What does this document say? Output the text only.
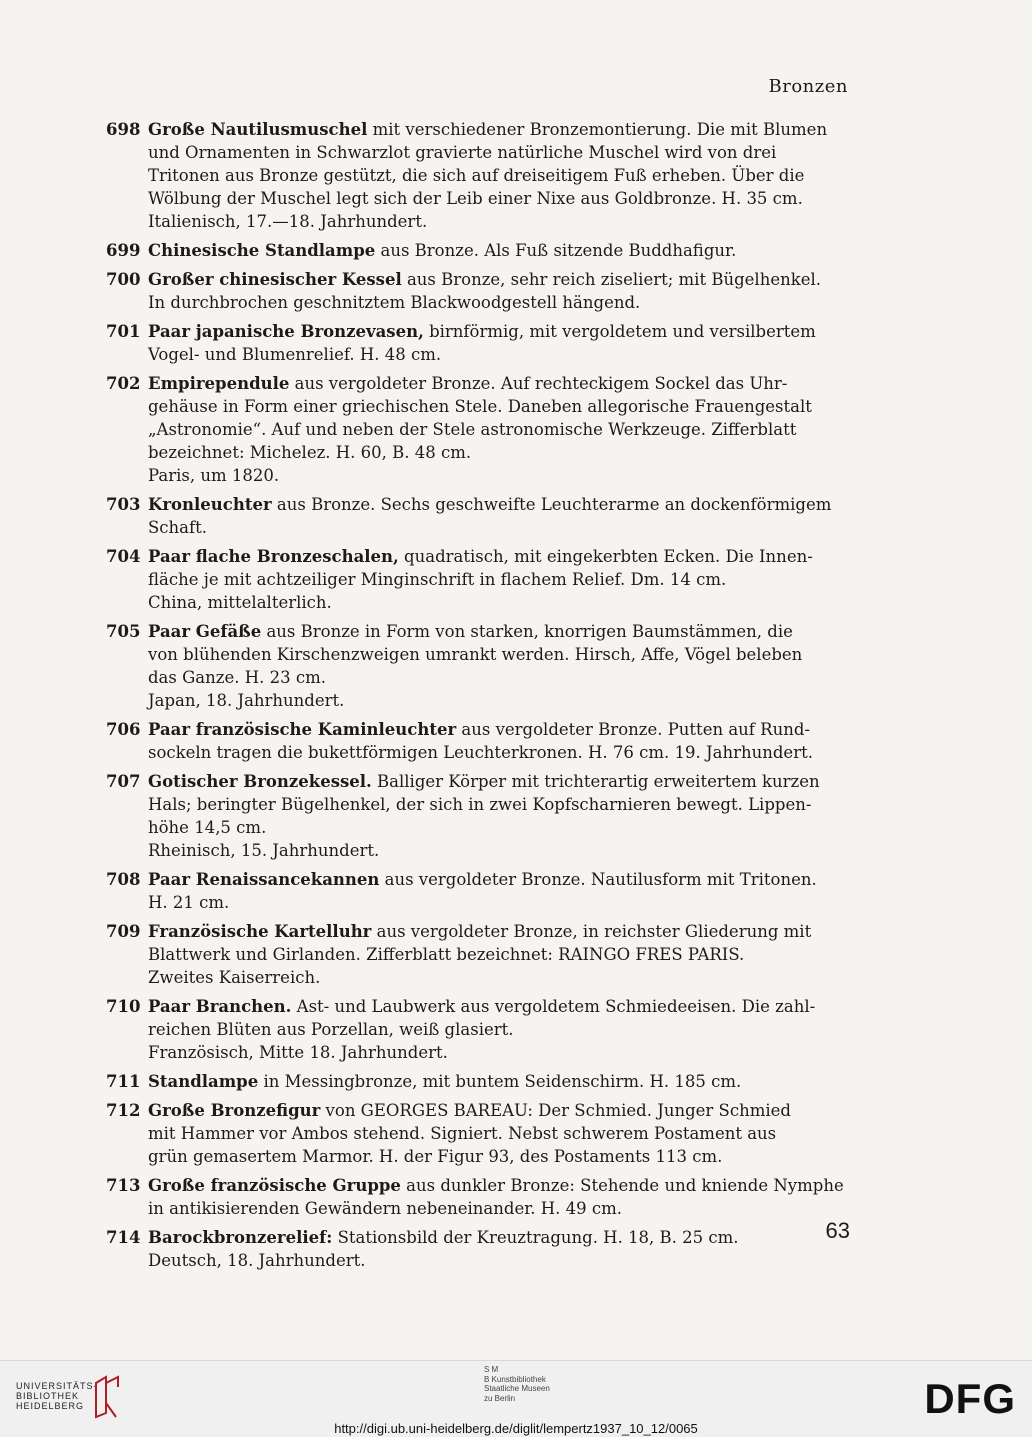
Bronzen
698 Große Nautilusmuschel mit verschiedener Bronzemontierung. Die mit Blumen
und Ornamenten in Schwarzlot gravierte natürliche Muschel wird von drei
Tritonen aus Bronze gestützt, die sich auf dreiseitigem Fuß erheben. Über die
Wölbung der Muschel legt sich der Leib einer Nixe aus Goldbronze. H. 35 cm.
Italienisch, 17.—18. Jahrhundert.
699 Chinesische Standlampe aus Bronze. Als Fuß sitzende Buddhafigur.
700 Großer chinesischer Kessel aus Bronze, sehr reich ziseliert; mit Bügelhenkel.
In durchbrochen geschnitztem Blackwoodgestell hängend.
701 Paar japanische Bronzevasen, birnförmig, mit vergoldetem und versilbertem
Vogel- und Blumenrelief. H. 48 cm.
702 Empirependule aus vergoldeter Bronze. Auf rechteckigem Sockel das Uhr-
gehäuse in Form einer griechischen Stele. Daneben allegorische Frauengestalt
„Astronomie“. Auf und neben der Stele astronomische Werkzeuge. Zifferblatt
bezeichnet: Michelez. H. 60, B. 48 cm.
Paris, um 1820.
703 Kronleuchter aus Bronze. Sechs geschweifte Leuchterarme an dockenförmigem
Schaft.
704 Paar flache Bronzeschalen, quadratisch, mit eingekerbten Ecken. Die Innen-
fläche je mit achtzeiliger Minginschrift in flachem Relief. Dm. 14 cm.
China, mittelalterlich.
705 Paar Gefäße aus Bronze in Form von starken, knorrigen Baumstämmen, die
von blühenden Kirschenzweigen umrankt werden. Hirsch, Affe, Vögel beleben
das Ganze. H. 23 cm.
Japan, 18. Jahrhundert.
706 Paar französische Kaminleuchter aus vergoldeter Bronze. Putten auf Rund-
sockeln tragen die bukettförmigen Leuchterkronen. H. 76 cm. 19. Jahrhundert.
707 Gotischer Bronzekessel. Balliger Körper mit trichterartig erweitertem kurzen
Hals; beringter Bügelhenkel, der sich in zwei Kopfscharnieren bewegt. Lippen-
höhe 14,5 cm.
Rheinisch, 15. Jahrhundert.
708 Paar Renaissancekannen aus vergoldeter Bronze. Nautilusform mit Tritonen.
H. 21 cm.
709 Französische Kartelluhr aus vergoldeter Bronze, in reichster Gliederung mit
Blattwerk und Girlanden. Zifferblatt bezeichnet: RAINGO FRES PARIS.
Zweites Kaiserreich.
710 Paar Branchen. Ast- und Laubwerk aus vergoldetem Schmiedeeisen. Die zahl-
reichen Blüten aus Porzellan, weiß glasiert.
Französisch, Mitte 18. Jahrhundert.
711 Standlampe in Messingbronze, mit buntem Seidenschirm. H. 185 cm.
712 Große Bronzefigur von GEORGES BAREAU: Der Schmied. Junger Schmied
mit Hammer vor Ambos stehend. Signiert. Nebst schwerem Postament aus
grün gemasertem Marmor. H. der Figur 93, des Postaments 113 cm.
713 Große französische Gruppe aus dunkler Bronze: Stehende und kniende Nymphe
in antikisierenden Gewändern nebeneinander. H. 49 cm.
714 Barockbronzerelief: Stationsbild der Kreuztragung. H. 18, B. 25 cm.
Deutsch, 18. Jahrhundert.
63
UNIVERSITÄTS-
BIBLIOTHEK
HEIDELBERG
S M
B Kunstbibliothek
Staatliche Museen
zu Berlin	DFG
http://digi.ub.uni-heidelberg.de/diglit/lempertz1937_10_12/0065
